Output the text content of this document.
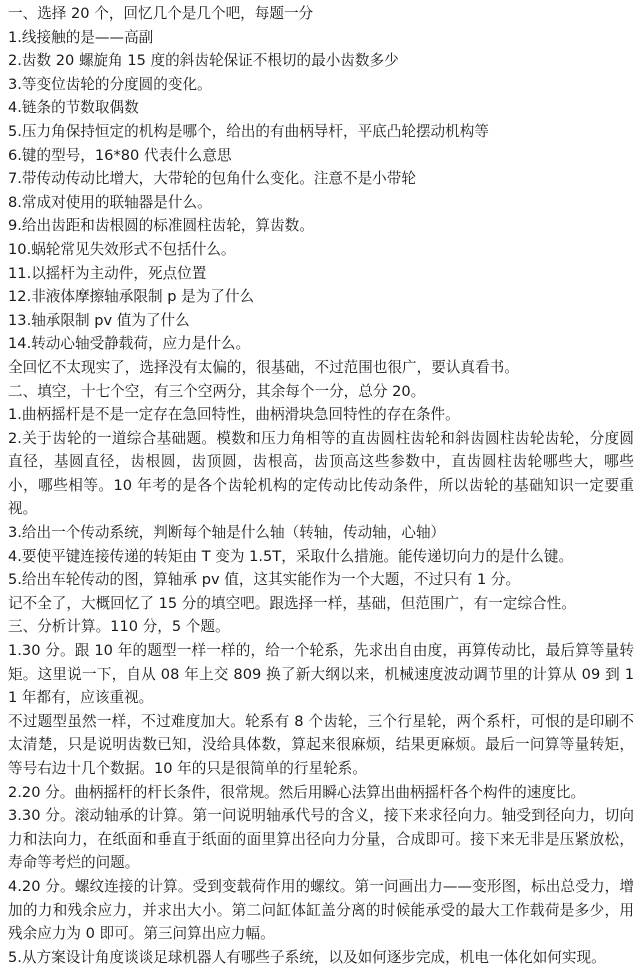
一、选择 20 个，回忆几个是几个吧，每题一分
1.线接触的是——高副
2.齿数 20 螺旋角 15 度的斜齿轮保证不根切的最小齿数多少
3.等变位齿轮的分度圆的变化。
4.链条的节数取偶数
5.压力角保持恒定的机构是哪个，给出的有曲柄导杆，平底凸轮摆动机构等
6.键的型号，16*80 代表什么意思
7.带传动传动比增大，大带轮的包角什么变化。注意不是小带轮
8.常成对使用的联轴器是什么。
9.给出齿距和齿根圆的标准圆柱齿轮，算齿数。
10.蜗轮常见失效形式不包括什么。
11.以摇杆为主动件，死点位置
12.非液体摩擦轴承限制 p 是为了什么
13.轴承限制 pv 值为了什么
14.转动心轴受静载荷，应力是什么。
全回忆不太现实了，选择没有太偏的，很基础，不过范围也很广，要认真看书。
二、填空，十七个空，有三个空两分，其余每个一分，总分 20。
1.曲柄摇杆是不是一定存在急回特性，曲柄滑块急回特性的存在条件。
2.关于齿轮的一道综合基础题。模数和压力角相等的直齿圆柱齿轮和斜齿圆柱齿轮齿轮，分度圆直径，基圆直径，齿根圆，齿顶圆，齿根高，齿顶高这些参数中，直齿圆柱齿轮哪些大，哪些小，哪些相等。10 年考的是各个齿轮机构的定传动比传动条件，所以齿轮的基础知识一定要重视。
3.给出一个传动系统，判断每个轴是什么轴（转轴，传动轴，心轴）
4.要使平键连接传递的转矩由 T 变为 1.5T，采取什么措施。能传递切向力的是什么键。
5.给出车轮传动的图，算轴承 pv 值，这其实能作为一个大题，不过只有 1 分。
记不全了，大概回忆了 15 分的填空吧。跟选择一样，基础，但范围广，有一定综合性。
三、分析计算。110 分，5 个题。
1.30 分。跟 10 年的题型一样一样的，给一个轮系，先求出自由度，再算传动比，最后算等量转矩。这里说一下，自从 08 年上交 809 换了新大纲以来，机械速度波动调节里的计算从 09 到 11 年都有，应该重视。
不过题型虽然一样，不过难度加大。轮系有 8 个齿轮，三个行星轮，两个系杆，可恨的是印刷不太清楚，只是说明齿数已知，没给具体数，算起来很麻烦，结果更麻烦。最后一问算等量转矩，等号右边十几个数据。10 年的只是很简单的行星轮系。
2.20 分。曲柄摇杆的杆长条件，很常规。然后用瞬心法算出曲柄摇杆各个构件的速度比。
3.30 分。滚动轴承的计算。第一问说明轴承代号的含义，接下来求径向力。轴受到径向力，切向力和法向力，在纸面和垂直于纸面的面里算出径向力分量，合成即可。接下来无非是压紧放松，寿命等考烂的问题。
4.20 分。螺纹连接的计算。受到变载荷作用的螺纹。第一问画出力——变形图，标出总受力，增加的力和残余应力，并求出大小。第二问缸体缸盖分离的时候能承受的最大工作载荷是多少，用残余应力为 0 即可。第三问算出应力幅。
5.从方案设计角度谈谈足球机器人有哪些子系统，以及如何逐步完成，机电一体化如何实现。
